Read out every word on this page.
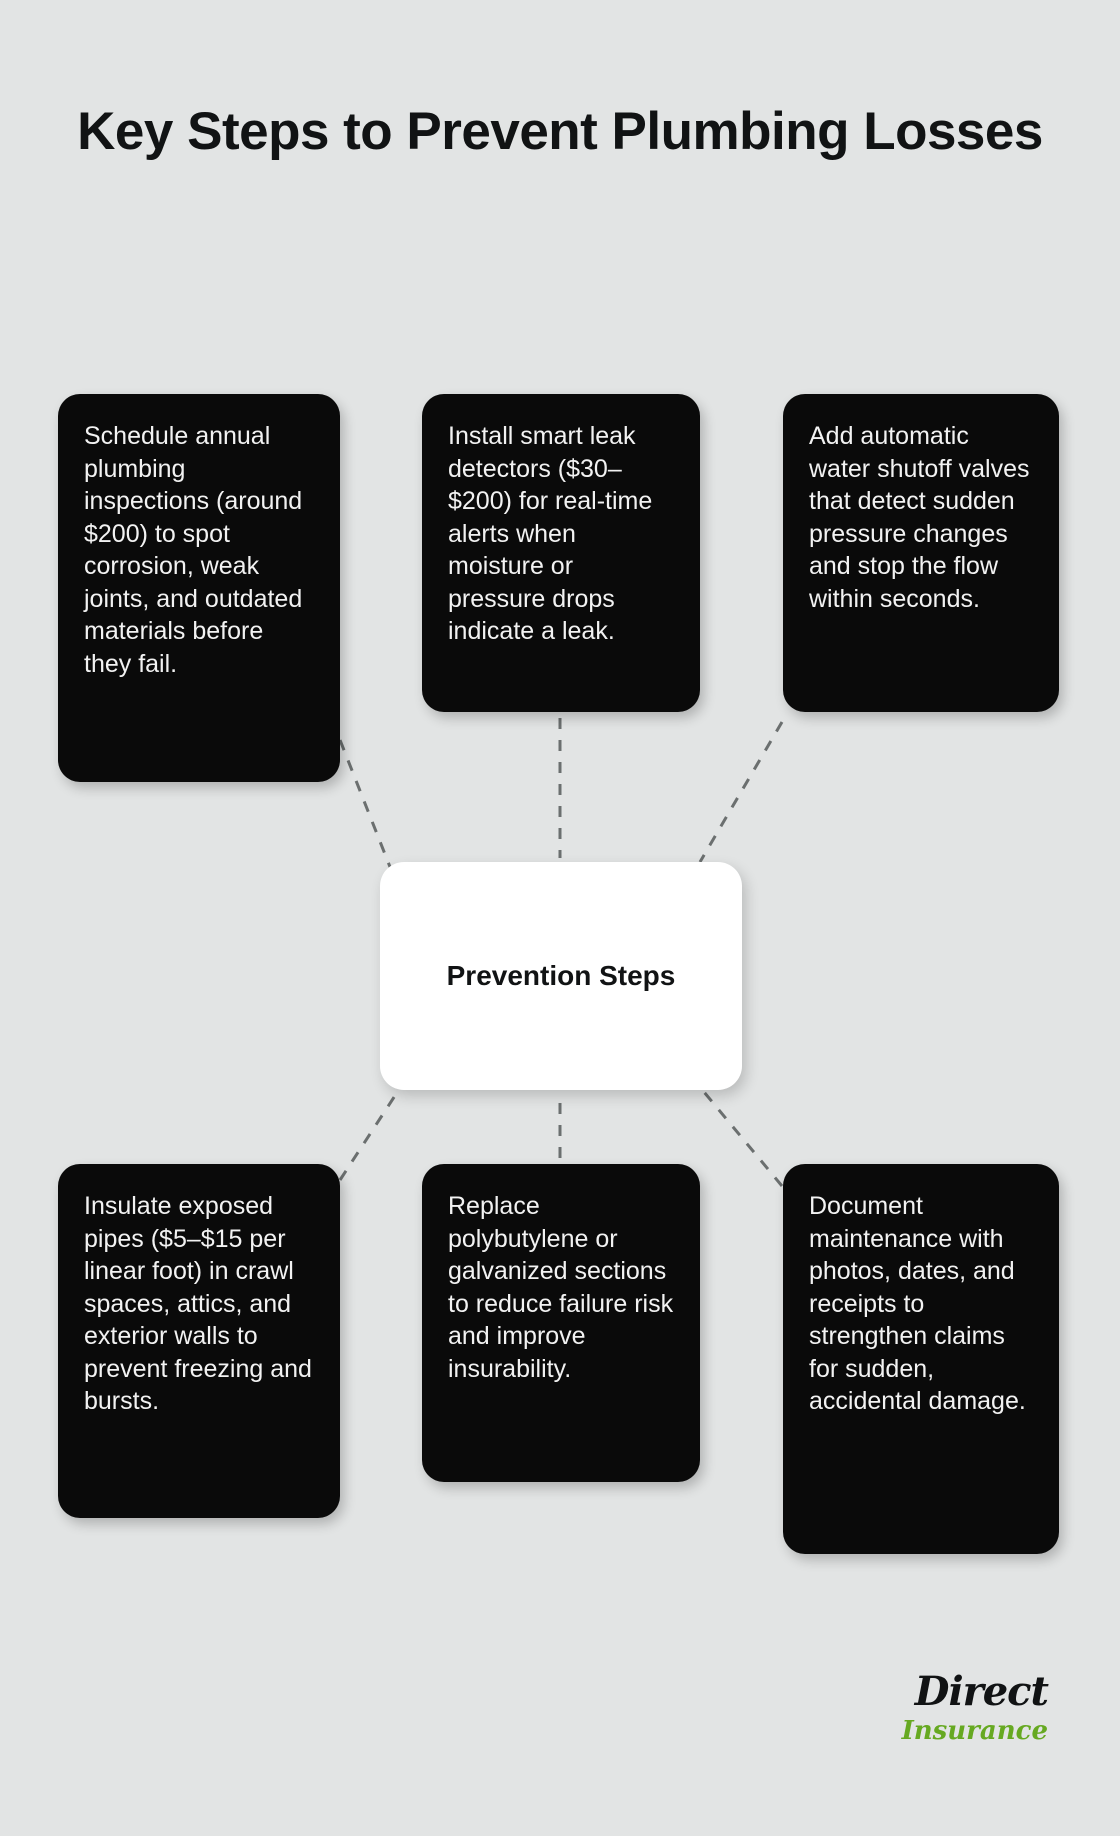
Key Steps to Prevent Plumbing Losses
Schedule annual plumbing inspections (around $200) to spot corrosion, weak joints, and outdated materials before they fail.
Install smart leak detectors ($30–$200) for real-time alerts when moisture or pressure drops indicate a leak.
Add automatic water shutoff valves that detect sudden pressure changes and stop the flow within seconds.
Prevention Steps
Insulate exposed pipes ($5–$15 per linear foot) in crawl spaces, attics, and exterior walls to prevent freezing and bursts.
Replace polybutylene or galvanized sections to reduce failure risk and improve insurability.
Document maintenance with photos, dates, and receipts to strengthen claims for sudden, accidental damage.
Direct
Insurance
